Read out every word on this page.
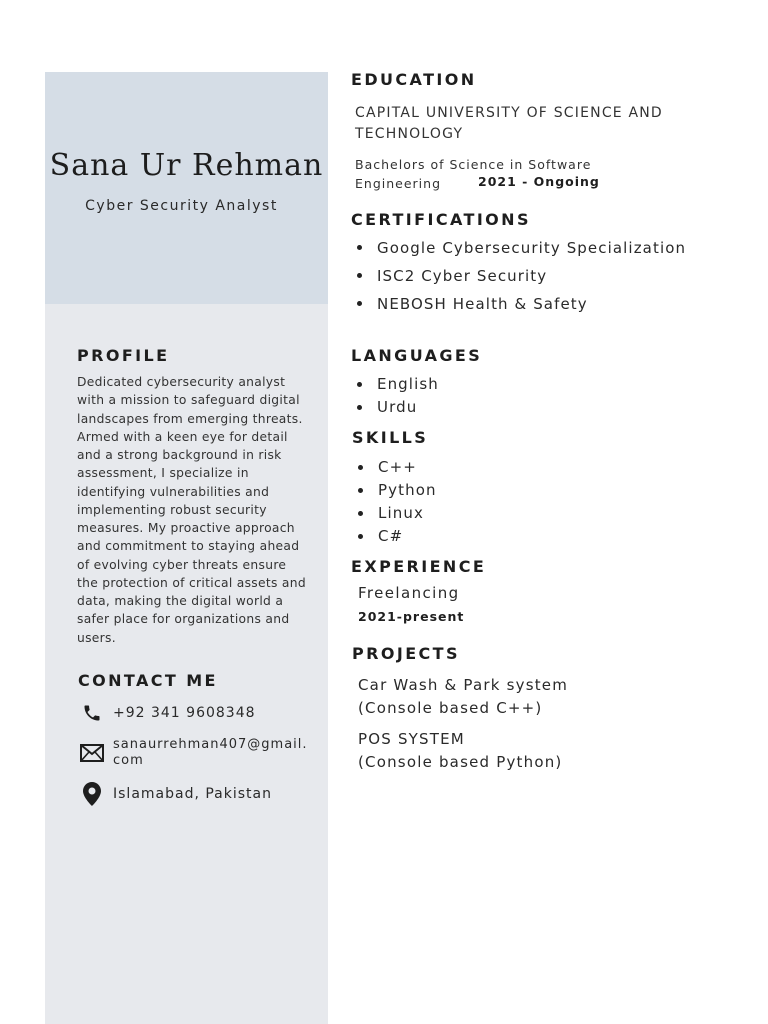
Sana Ur Rehman
Cyber Security Analyst
PROFILE
Dedicated cybersecurity analyst with a mission to safeguard digital landscapes from emerging threats. Armed with a keen eye for detail and a strong background in risk assessment, I specialize in identifying vulnerabilities and implementing robust security measures. My proactive approach and commitment to staying ahead of evolving cyber threats ensure the protection of critical assets and data, making the digital world a safer place for organizations and users.
CONTACT ME
+92 341 9608348
sanaurrehman407@gmail.com
Islamabad, Pakistan
EDUCATION
CAPITAL UNIVERSITY OF SCIENCE AND TECHNOLOGY
Bachelors of Science in Software Engineering	2021 - Ongoing
CERTIFICATIONS
Google Cybersecurity Specialization
ISC2 Cyber Security
NEBOSH Health & Safety
LANGUAGES
English
Urdu
SKILLS
C++
Python
Linux
C#
EXPERIENCE
Freelancing
2021-present
PROJECTS
Car Wash & Park system
(Console based C++)
POS SYSTEM
(Console based Python)
